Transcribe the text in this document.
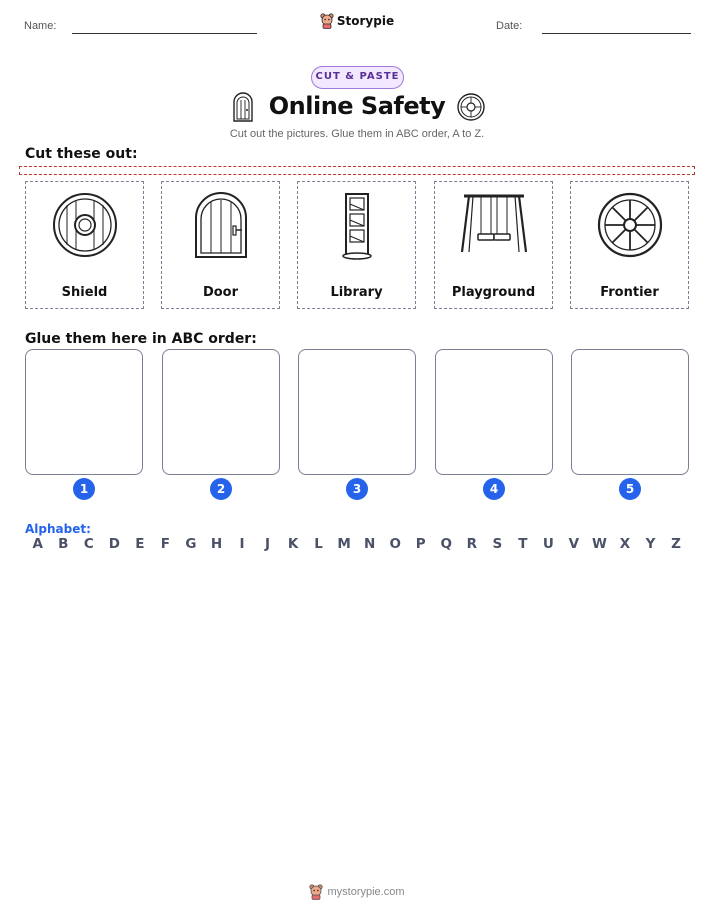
Name:	Storypie	Date:
CUT & PASTE
Online Safety
Cut out the pictures. Glue them in ABC order, A to Z.
Cut these out:
Shield	Door	Library	Playground	Frontier
Glue them here in ABC order:
1	2	3	4	5
Alphabet:
A	B	C	D	E	F	G	H	I	J	K	L	M N	O	P	Q	R	S	T	U	V W X	Y	Z
mystorypie.com
